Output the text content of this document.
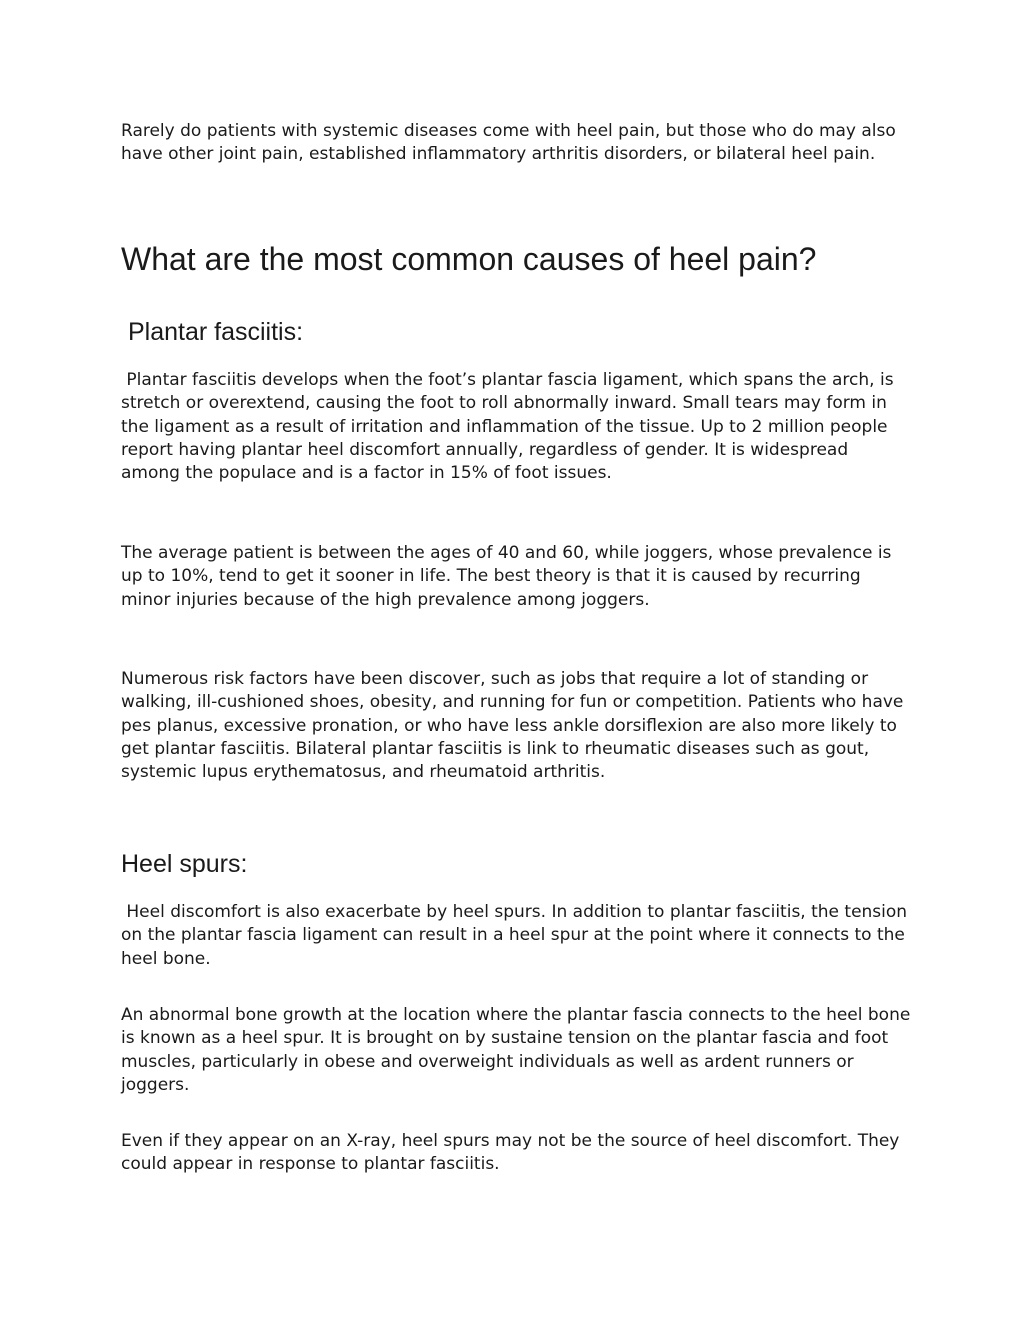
Rarely do patients with systemic diseases come with heel pain, but those who do may also have other joint pain, established inflammatory arthritis disorders, or bilateral heel pain.

What are the most common causes of heel pain?
Plantar fasciitis:

Plantar fasciitis develops when the foot’s plantar fascia ligament, which spans the arch, is stretch or overextend, causing the foot to roll abnormally inward. Small tears may form in the ligament as a result of irritation and inflammation of the tissue. Up to 2 million people report having plantar heel discomfort annually, regardless of gender. It is widespread among the populace and is a factor in 15% of foot issues.

The average patient is between the ages of 40 and 60, while joggers, whose prevalence is up to 10%, tend to get it sooner in life. The best theory is that it is caused by recurring minor injuries because of the high prevalence among joggers.

Numerous risk factors have been discover, such as jobs that require a lot of standing or walking, ill-cushioned shoes, obesity, and running for fun or competition. Patients who have pes planus, excessive pronation, or who have less ankle dorsiflexion are also more likely to get plantar fasciitis. Bilateral plantar fasciitis is link to rheumatic diseases such as gout, systemic lupus erythematosus, and rheumatoid arthritis.

Heel spurs:

Heel discomfort is also exacerbate by heel spurs. In addition to plantar fasciitis, the tension on the plantar fascia ligament can result in a heel spur at the point where it connects to the heel bone.

An abnormal bone growth at the location where the plantar fascia connects to the heel bone is known as a heel spur. It is brought on by sustaine tension on the plantar fascia and foot muscles, particularly in obese and overweight individuals as well as ardent runners or joggers.

Even if they appear on an X-ray, heel spurs may not be the source of heel discomfort. They could appear in response to plantar fasciitis.
